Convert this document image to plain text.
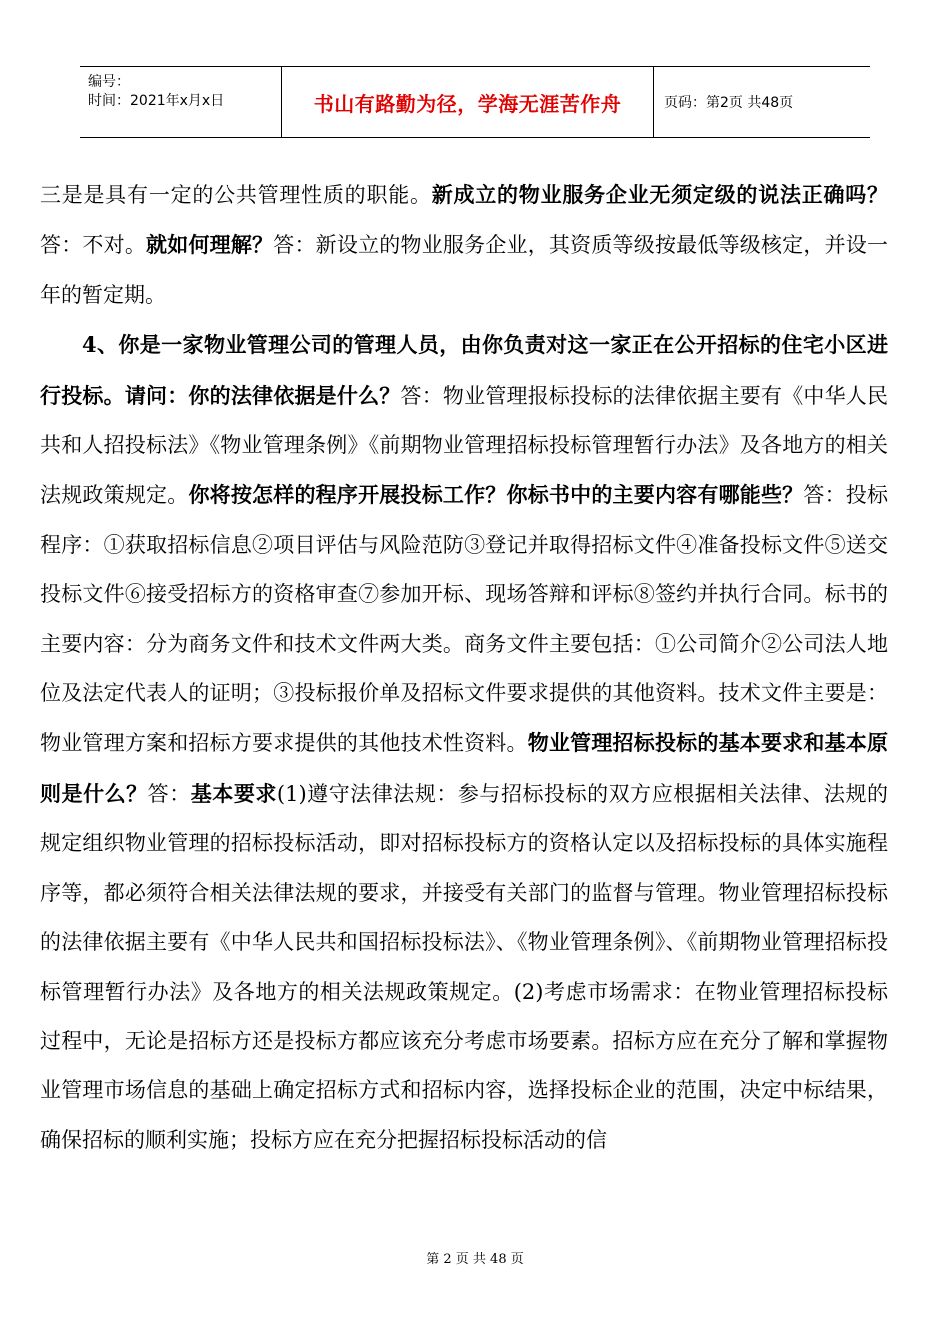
编号：
时间：2021年x月x日	书山有路勤为径，学海无涯苦作舟	页码：第2页 共48页

三是是具有一定的公共管理性质的职能。新成立的物业服务企业无须定级的说法正确吗？答：不对。就如何理解？答：新设立的物业服务企业，其资质等级按最低等级核定，并设一年的暂定期。

4、你是一家物业管理公司的管理人员，由你负责对这一家正在公开招标的住宅小区进行投标。请问：你的法律依据是什么？答：物业管理报标投标的法律依据主要有《中华人民共和人招投标法》《物业管理条例》《前期物业管理招标投标管理暂行办法》及各地方的相关法规政策规定。你将按怎样的程序开展投标工作？你标书中的主要内容有哪能些？答：投标程序：①获取招标信息②项目评估与风险范防③登记并取得招标文件④准备投标文件⑤送交投标文件⑥接受招标方的资格审查⑦参加开标、现场答辩和评标⑧签约并执行合同。标书的主要内容：分为商务文件和技术文件两大类。商务文件主要包括：①公司简介②公司法人地位及法定代表人的证明；③投标报价单及招标文件要求提供的其他资料。技术文件主要是：物业管理方案和招标方要求提供的其他技术性资料。物业管理招标投标的基本要求和基本原则是什么？答：基本要求(1)遵守法律法规：参与招标投标的双方应根据相关法律、法规的规定组织物业管理的招标投标活动，即对招标投标方的资格认定以及招标投标的具体实施程序等，都必须符合相关法律法规的要求，并接受有关部门的监督与管理。物业管理招标投标的法律依据主要有《中华人民共和国招标投标法》、《物业管理条例》、《前期物业管理招标投标管理暂行办法》及各地方的相关法规政策规定。(2)考虑市场需求：在物业管理招标投标过程中，无论是招标方还是投标方都应该充分考虑市场要素。招标方应在充分了解和掌握物业管理市场信息的基础上确定招标方式和招标内容，选择投标企业的范围，决定中标结果，确保招标的顺利实施；投标方应在充分把握招标投标活动的信

第 2 页 共 48 页
